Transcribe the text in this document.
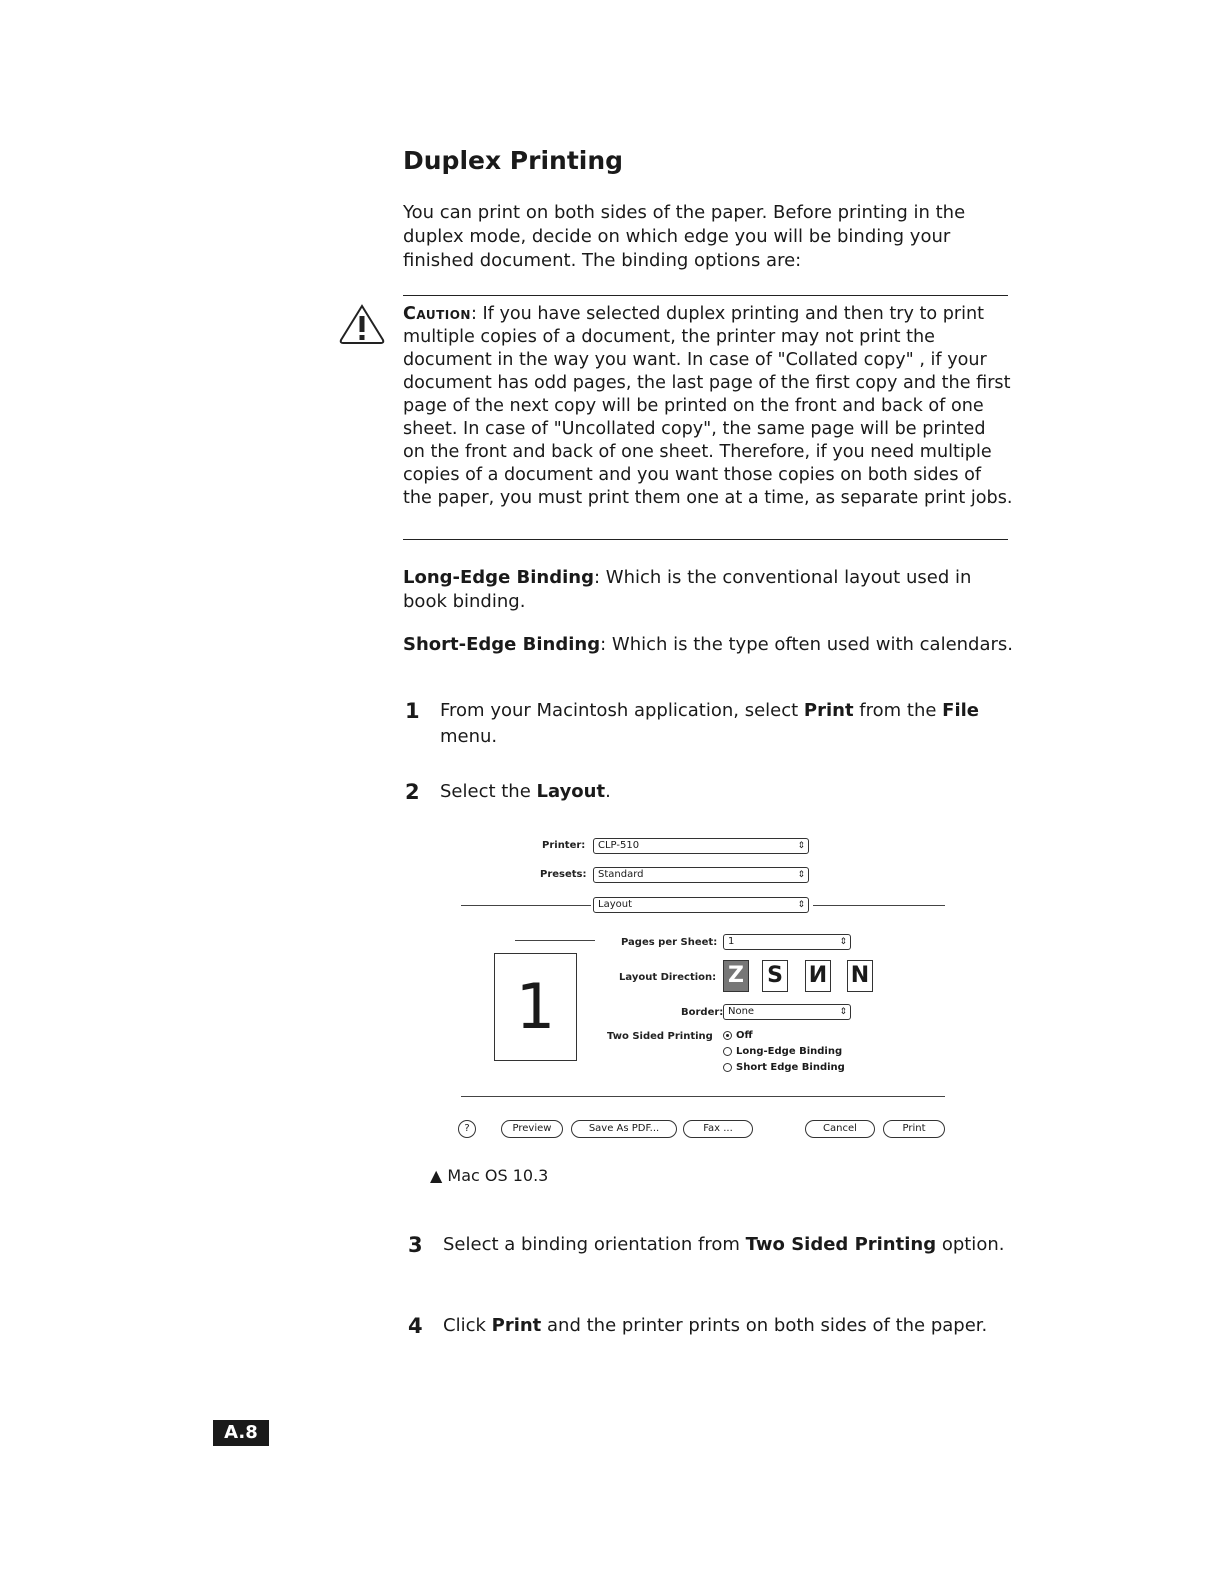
Duplex Printing
You can print on both sides of the paper. Before printing in the duplex mode, decide on which edge you will be binding your finished document. The binding options are:
Caution: If you have selected duplex printing and then try to print multiple copies of a document, the printer may not print the document in the way you want. In case of "Collated copy" , if your document has odd pages, the last page of the first copy and the first page of the next copy will be printed on the front and back of one sheet. In case of "Uncollated copy", the same page will be printed on the front and back of one sheet. Therefore, if you need multiple copies of a document and you want those copies on both sides of the paper, you must print them one at a time, as separate print jobs.
Long-Edge Binding: Which is the conventional layout used in book binding.
Short-Edge Binding: Which is the type often used with calendars.
1 From your Macintosh application, select Print from the File menu.
2 Select the Layout.
Printer:	CLP-510	⇕
Presets:	Standard	⇕
Layout	⇕
1
Pages per Sheet:	1	⇕
Layout Direction: Z S И N
Border: None	⇕
Two Sided Printing	Off
Long-Edge Binding
Short Edge Binding
?	Preview	Save As PDF...	Fax ...	Cancel	Print
▲ Mac OS 10.3
3 Select a binding orientation from Two Sided Printing option.
4 Click Print and the printer prints on both sides of the paper.
A.8
